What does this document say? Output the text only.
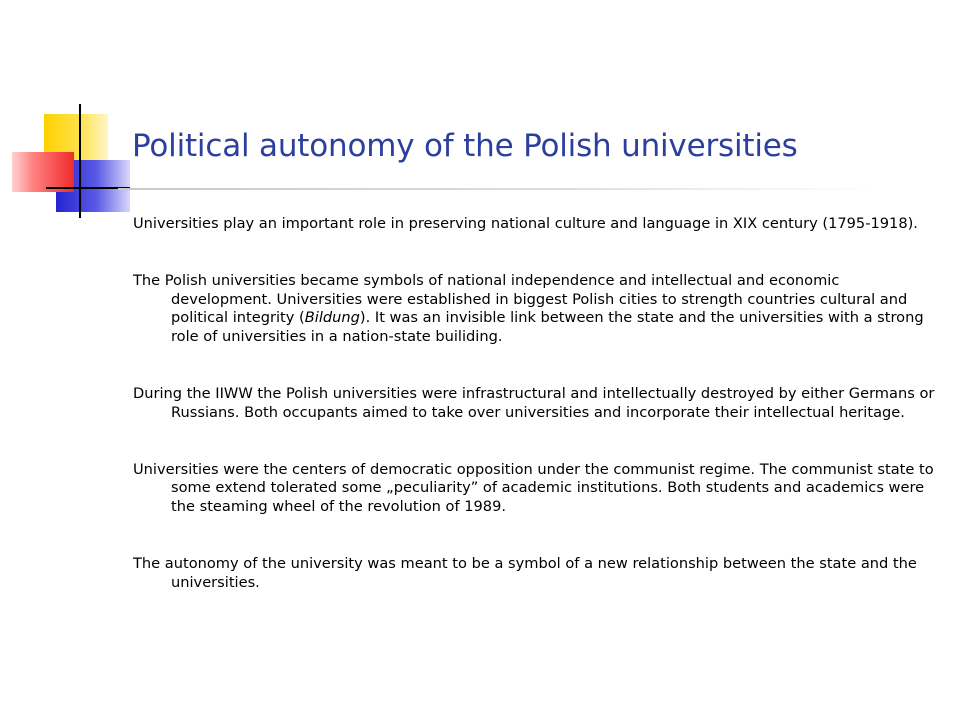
Political autonomy of the Polish universities

Universities play an important role in preserving national culture and language in XIX century (1795-1918).

The Polish universities became symbols of national independence and intellectual and economic development. Universities were established in biggest Polish cities to strength countries cultural and political integrity (Bildung). It was an invisible link between the state and the universities with a strong role of universities in a nation-state builiding.

During the IIWW the Polish universities were infrastructural and intellectually destroyed by either Germans or Russians. Both occupants aimed to take over universities and incorporate their intellectual heritage.

Universities were the centers of democratic opposition under the communist regime. The communist state to some extend tolerated some „peculiarity” of academic institutions. Both students and academics were the steaming wheel of the revolution of 1989.

The autonomy of the university was meant to be a symbol of a new relationship between the state and the universities.
